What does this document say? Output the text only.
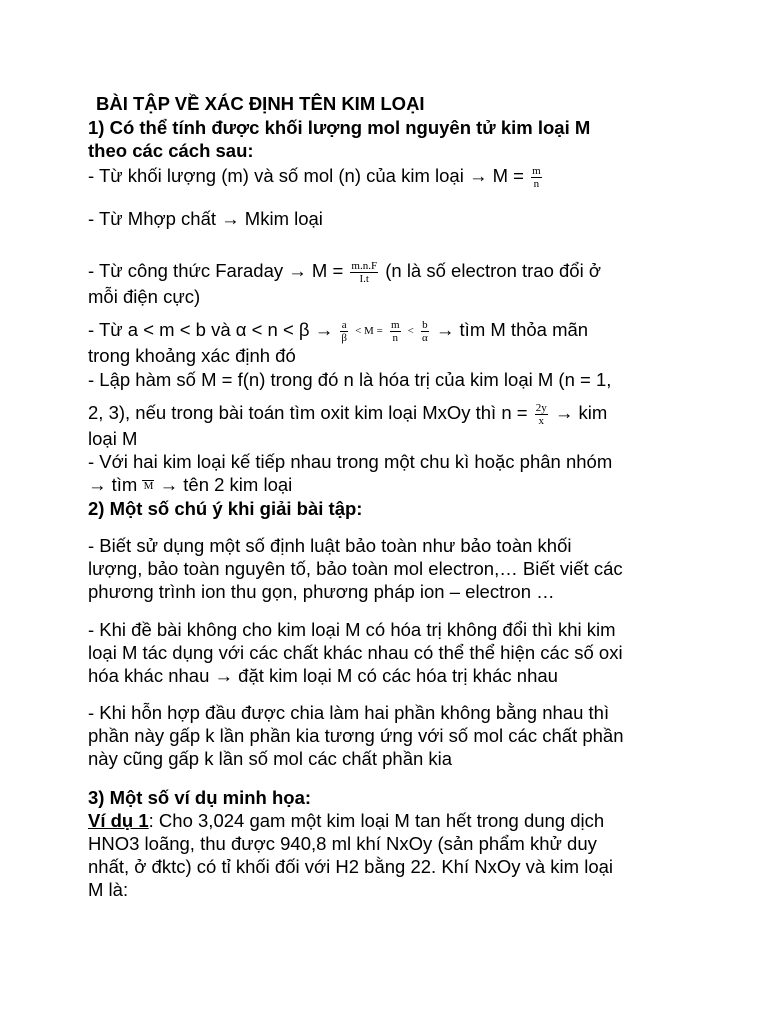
BÀI TẬP VỀ XÁC ĐỊNH TÊN KIM LOẠI
1) Có thể tính được khối lượng mol nguyên tử kim loại M
theo các cách sau:
- Từ khối lượng (m) và số mol (n) của kim loại → $M = \frac{m}{n}$
- Từ Mhợp chất → Mkim loại
- Từ công thức Faraday → $M = \frac{m.n.F}{I.t} (n$ là số electron trao đổi ở
mỗi điện cực)
- Từ a < m < b và $\alpha < n < \beta \to \frac{a}{\beta} < M = \frac{m}{n} < \frac{b}{\alpha}$ → tìm M thỏa mãn
trong khoảng xác định đó
- Lập hàm số M = f(n) trong đó n là hóa trị của kim loại M (n = 1,
2, 3), nếu trong bài toán tìm oxit kim loại MxOy thì $n = \frac{2y}{x}$ → kim
loại M
- Với hai kim loại kế tiếp nhau trong một chu kì hoặc phân nhóm
→ tìm M → tên 2 kim loại
2) Một số chú ý khi giải bài tập:
- Biết sử dụng một số định luật bảo toàn như bảo toàn khối
lượng, bảo toàn nguyên tố, bảo toàn mol electron,… Biết viết các
phương trình ion thu gọn, phương pháp ion – electron …
- Khi đề bài không cho kim loại M có hóa trị không đổi thì khi kim
loại M tác dụng với các chất khác nhau có thể thể hiện các số oxi
hóa khác nhau → đặt kim loại M có các hóa trị khác nhau
- Khi hỗn hợp đầu được chia làm hai phần không bằng nhau thì
phần này gấp k lần phần kia tương ứng với số mol các chất phần
này cũng gấp k lần số mol các chất phần kia
3) Một số ví dụ minh họa:
Ví dụ 1: Cho 3,024 gam một kim loại M tan hết trong dung dịch
HNO3 loãng, thu được 940,8 ml khí NxOy (sản phẩm khử duy
nhất, ở đktc) có tỉ khối đối với H2 bằng 22. Khí NxOy và kim loại
M là:
